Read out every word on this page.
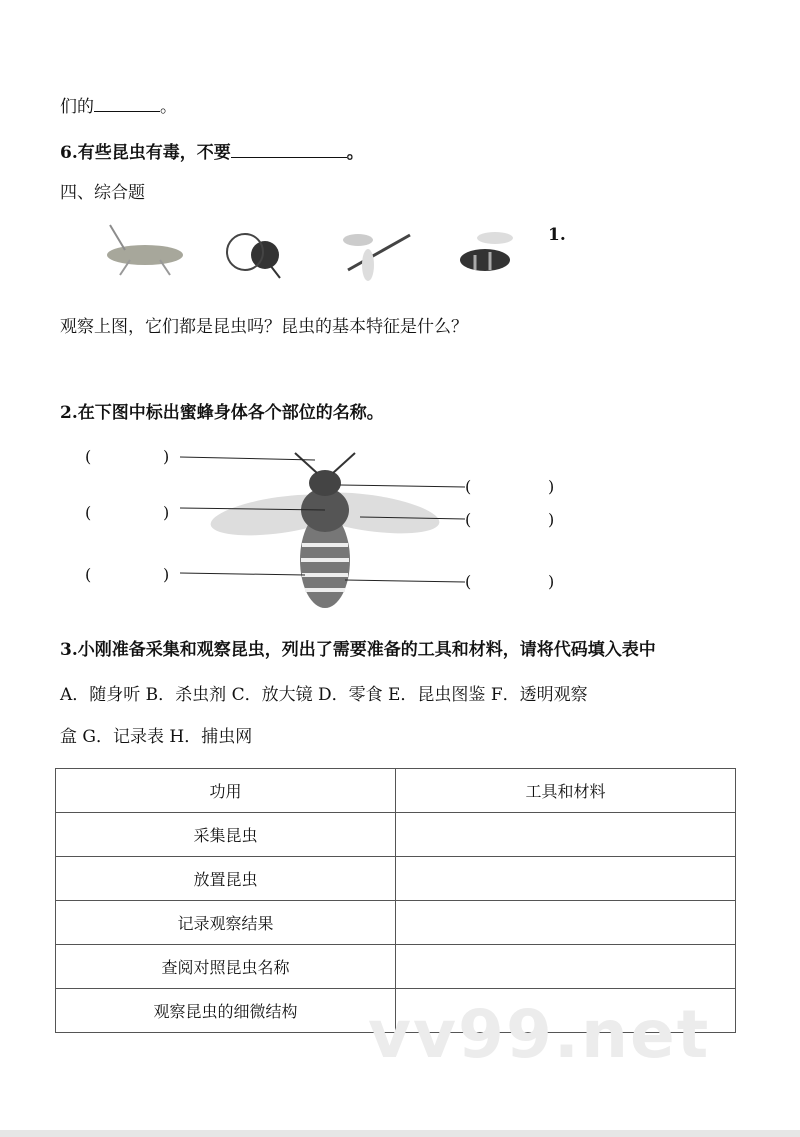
们的	。
6.有些昆虫有毒，不要	。
四、综合题
1.
观察上图，它们都是昆虫吗？昆虫的基本特征是什么？
2.在下图中标出蜜蜂身体各个部位的名称。
(	)
(	)
(	)
(	)
(	)
(	)
3.小刚准备采集和观察昆虫，列出了需要准备的工具和材料，请将代码填入表中
A．随身听 B．杀虫剂 C．放大镜 D．零食 E．昆虫图鉴 F．透明观察
盒 G．记录表 H．捕虫网
功用	工具和材料
采集昆虫	
放置昆虫	
记录观察结果	
查阅对照昆虫名称	
观察昆虫的细微结构	vv99.net
